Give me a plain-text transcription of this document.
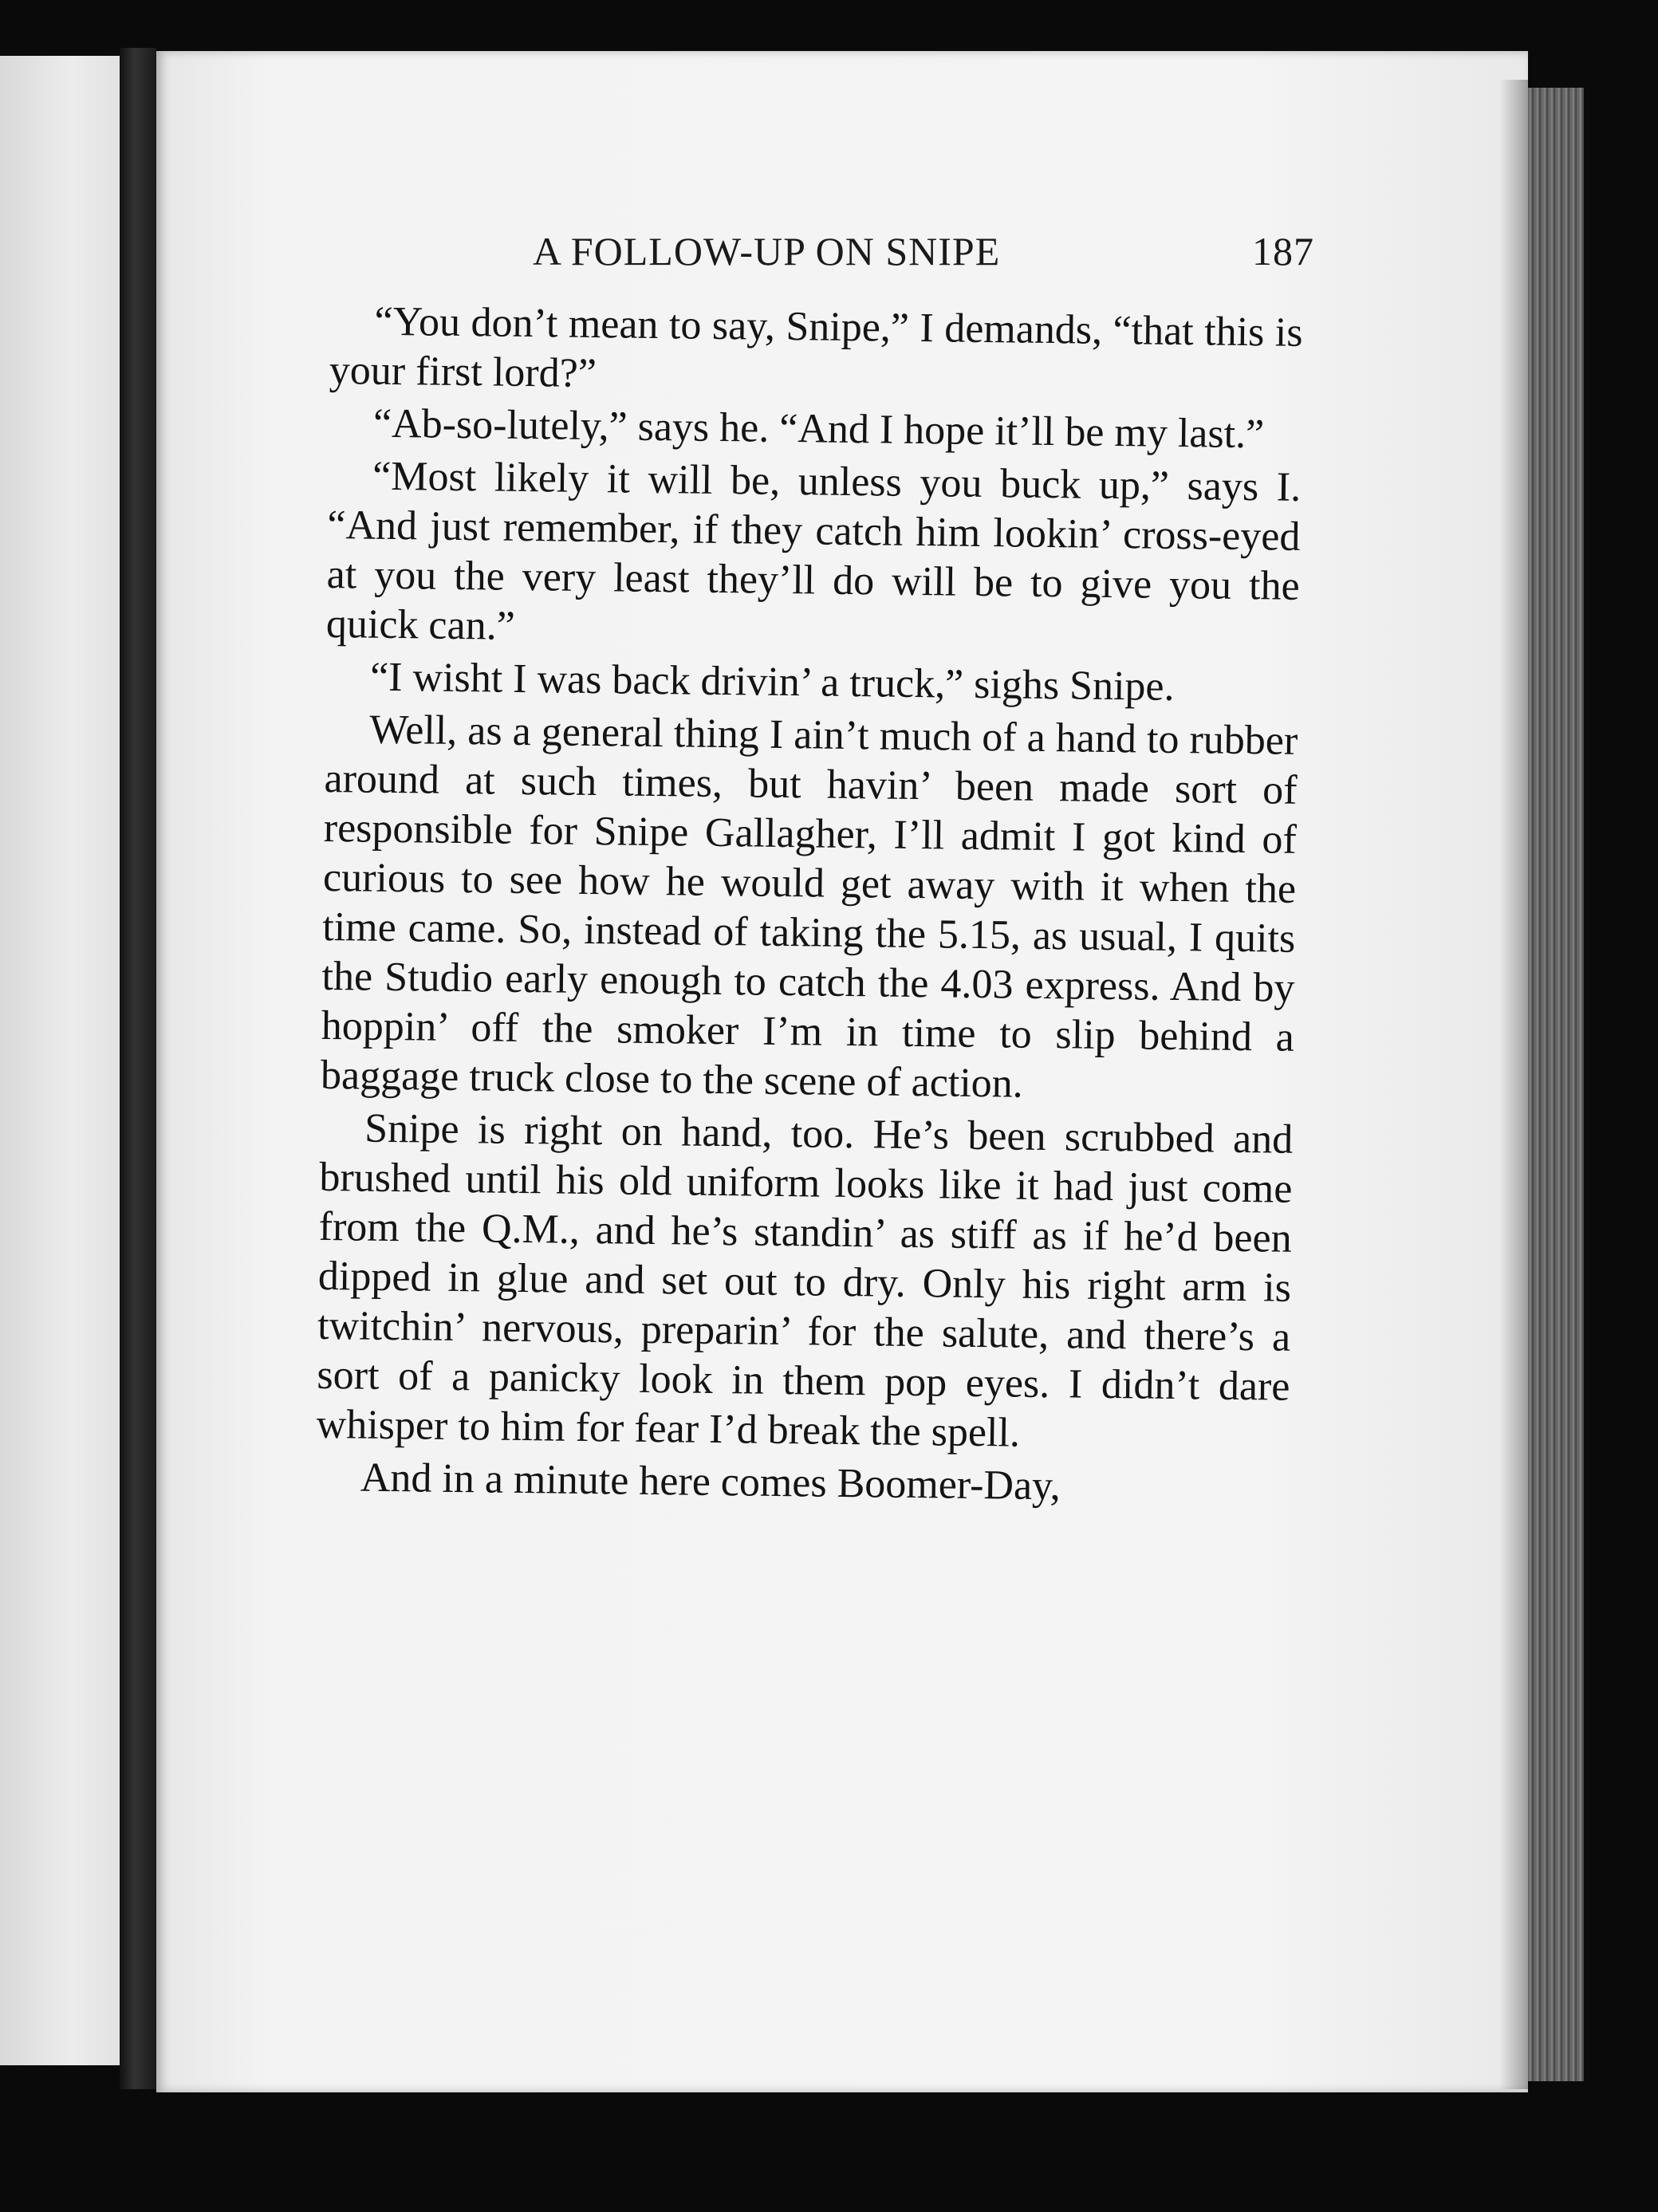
A FOLLOW-UP ON SNIPE	187

“You don’t mean to say, Snipe,” I demands, “that this is your first lord?”

“Ab-so-lutely,” says he. “And I hope it’ll be my last.”

“Most likely it will be, unless you buck up,” says I. “And just remember, if they catch him lookin’ cross-eyed at you the very least they’ll do will be to give you the quick can.”

“I wisht I was back drivin’ a truck,” sighs Snipe.

Well, as a general thing I ain’t much of a hand to rubber around at such times, but havin’ been made sort of responsible for Snipe Gallagher, I’ll admit I got kind of curious to see how he would get away with it when the time came. So, instead of taking the 5.15, as usual, I quits the Studio early enough to catch the 4.03 express. And by hoppin’ off the smoker I’m in time to slip behind a baggage truck close to the scene of action.

Snipe is right on hand, too. He’s been scrubbed and brushed until his old uniform looks like it had just come from the Q.M., and he’s standin’ as stiff as if he’d been dipped in glue and set out to dry. Only his right arm is twitchin’ nervous, preparin’ for the salute, and there’s a sort of a panicky look in them pop eyes. I didn’t dare whisper to him for fear I’d break the spell.

And in a minute here comes Boomer-Day,
